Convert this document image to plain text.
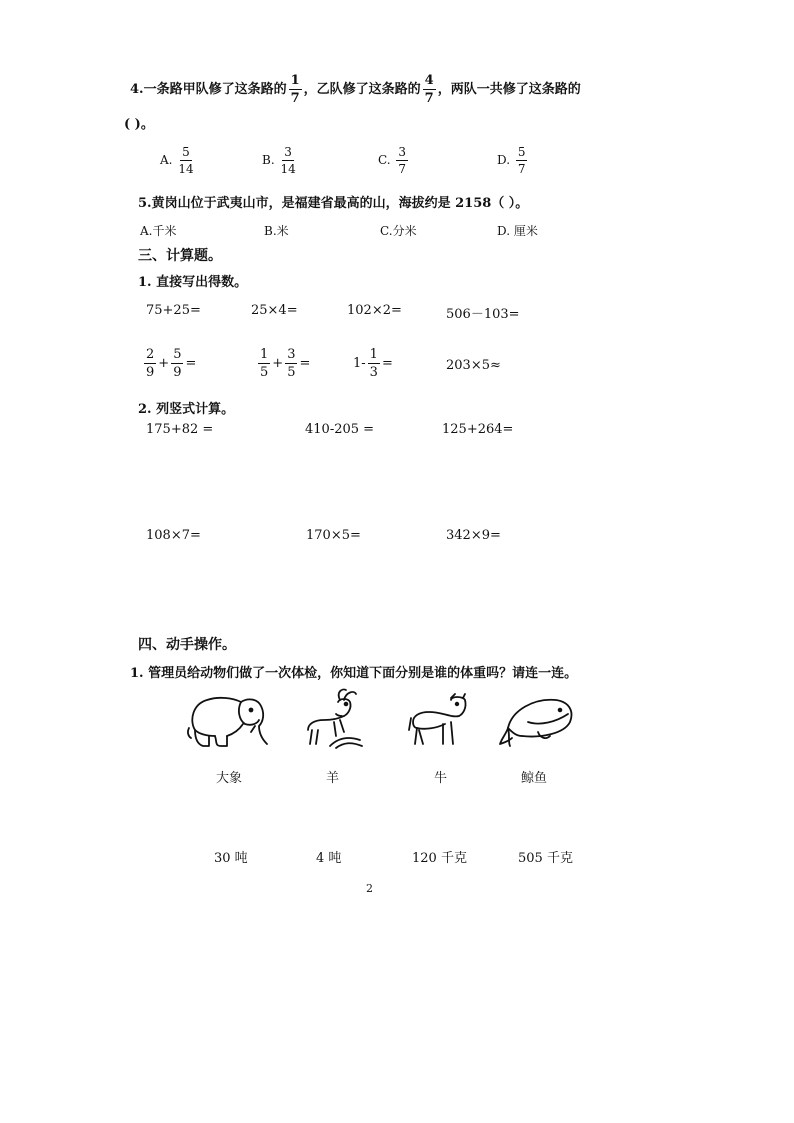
4.一条路甲队修了这条路的 $\frac{1}{7}$ ，乙队修了这条路的 $\frac{4}{7}$ ，两队一共修了这条路的
( )。
A. $\frac{5}{14}$	B. $\frac{3}{14}$	C. $\frac{3}{7}$	D. $\frac{5}{7}$
5.黄岗山位于武夷山市，是福建省最高的山，海拔约是 2158（ ）。
A.千米	B.米	C.分米	D. 厘米
三、计算题。
1. 直接写出得数。
75+25=	25×4=	102×2=	506－103=
$\frac{2}{9} + \frac{5}{9}$ =	$\frac{1}{5} + \frac{3}{5}$ =	$1- \frac{1}{3}$ =	203×5≈
2. 列竖式计算。
175+82 =	410-205 =	125+264=
108×7=	170×5=	342×9=
四、动手操作。
1. 管理员给动物们做了一次体检，你知道下面分别是谁的体重吗？请连一连。
大象	羊	牛	鲸鱼
30 吨	4 吨	120 千克	505 千克
2
